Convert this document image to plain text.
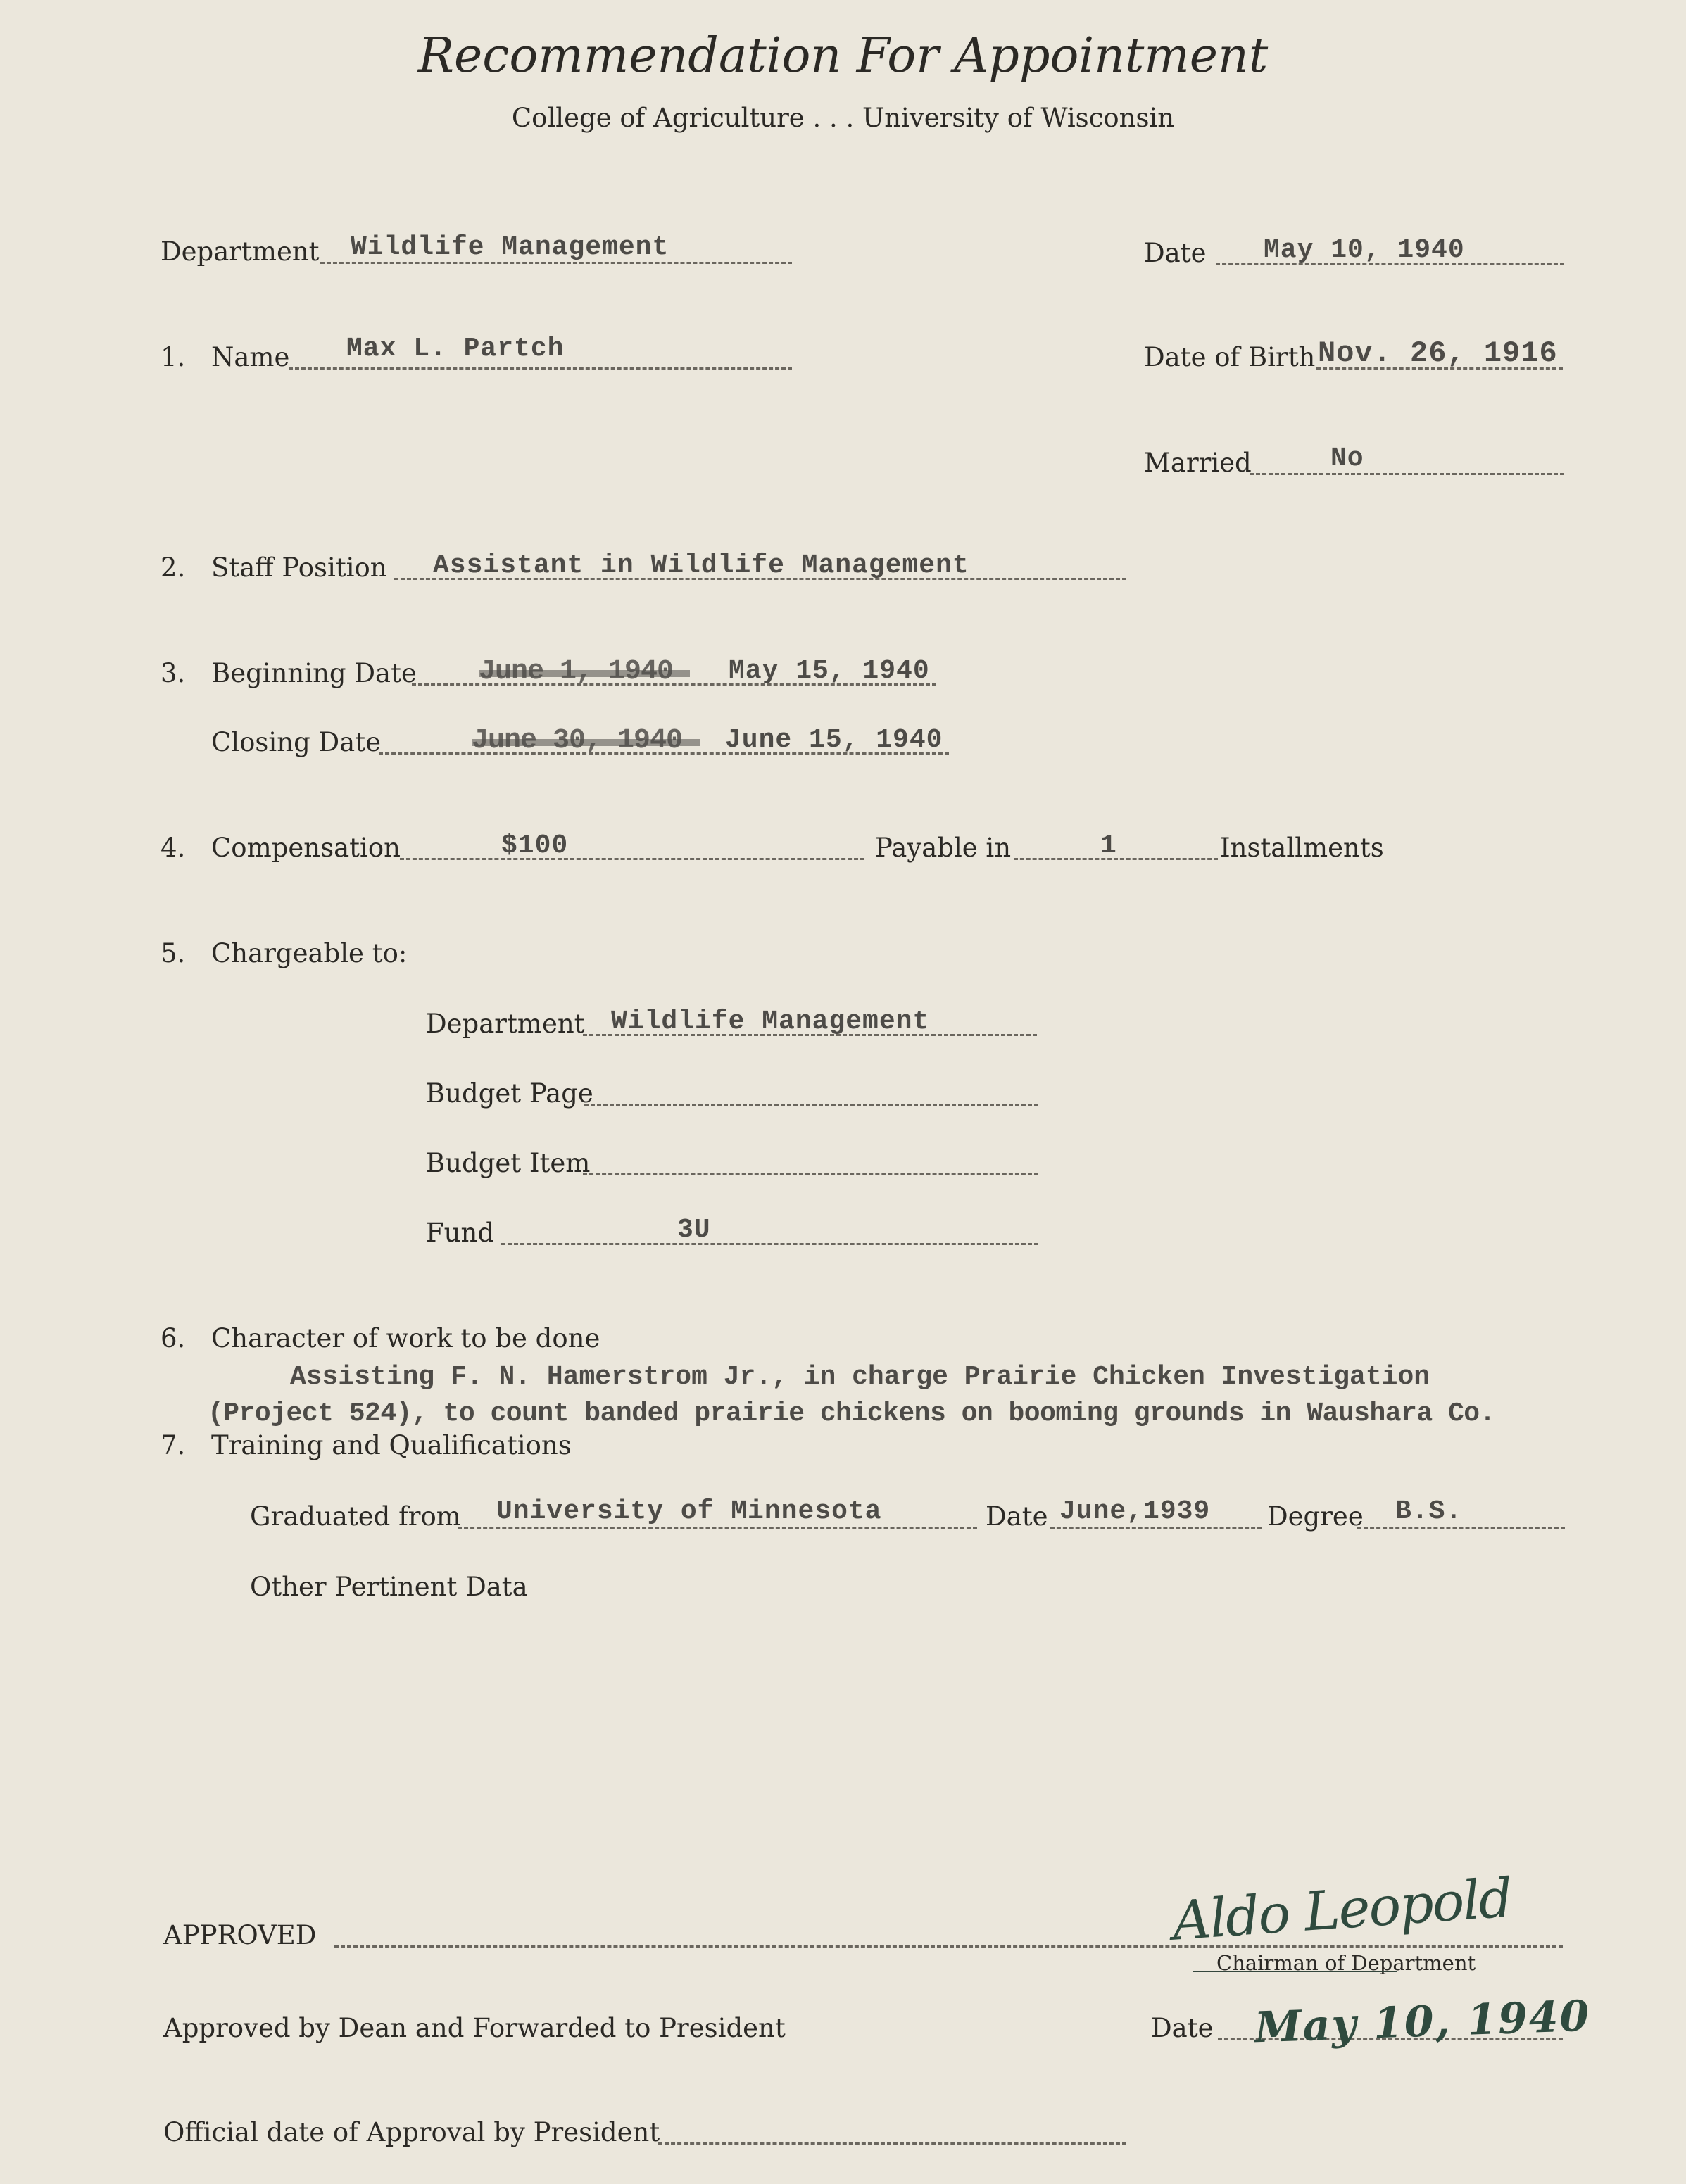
Recommendation For Appointment
College of Agriculture . . . University of Wisconsin
Department Wildlife Management	Date May 10, 1940
1. Name Max L. Partch	Date of Birth Nov. 26, 1916
Married	No
2. Staff Position Assistant in Wildlife Management
3. Beginning Date	May 15, 1940
Closing Date	June 15, 1940
4. Compensation	$100	Payable in	1	Installments
5. Chargeable to:
Department Wildlife Management
Budget Page
Budget Item
Fund	3U
6. Character of work to be done
Assisting F. N. Hamerstrom Jr., in charge Prairie Chicken Investigation
(Project 524), to count banded prairie chickens on booming grounds in Waushara Co.
7. Training and Qualifications
Graduated from University of Minnesota	Date June,1939 Degree B.S.
Other Pertinent Data
APPROVED	Aldo Leopold
Chairman of Department
Approved by Dean and Forwarded to President	Date May 10, 1940
Official date of Approval by President
